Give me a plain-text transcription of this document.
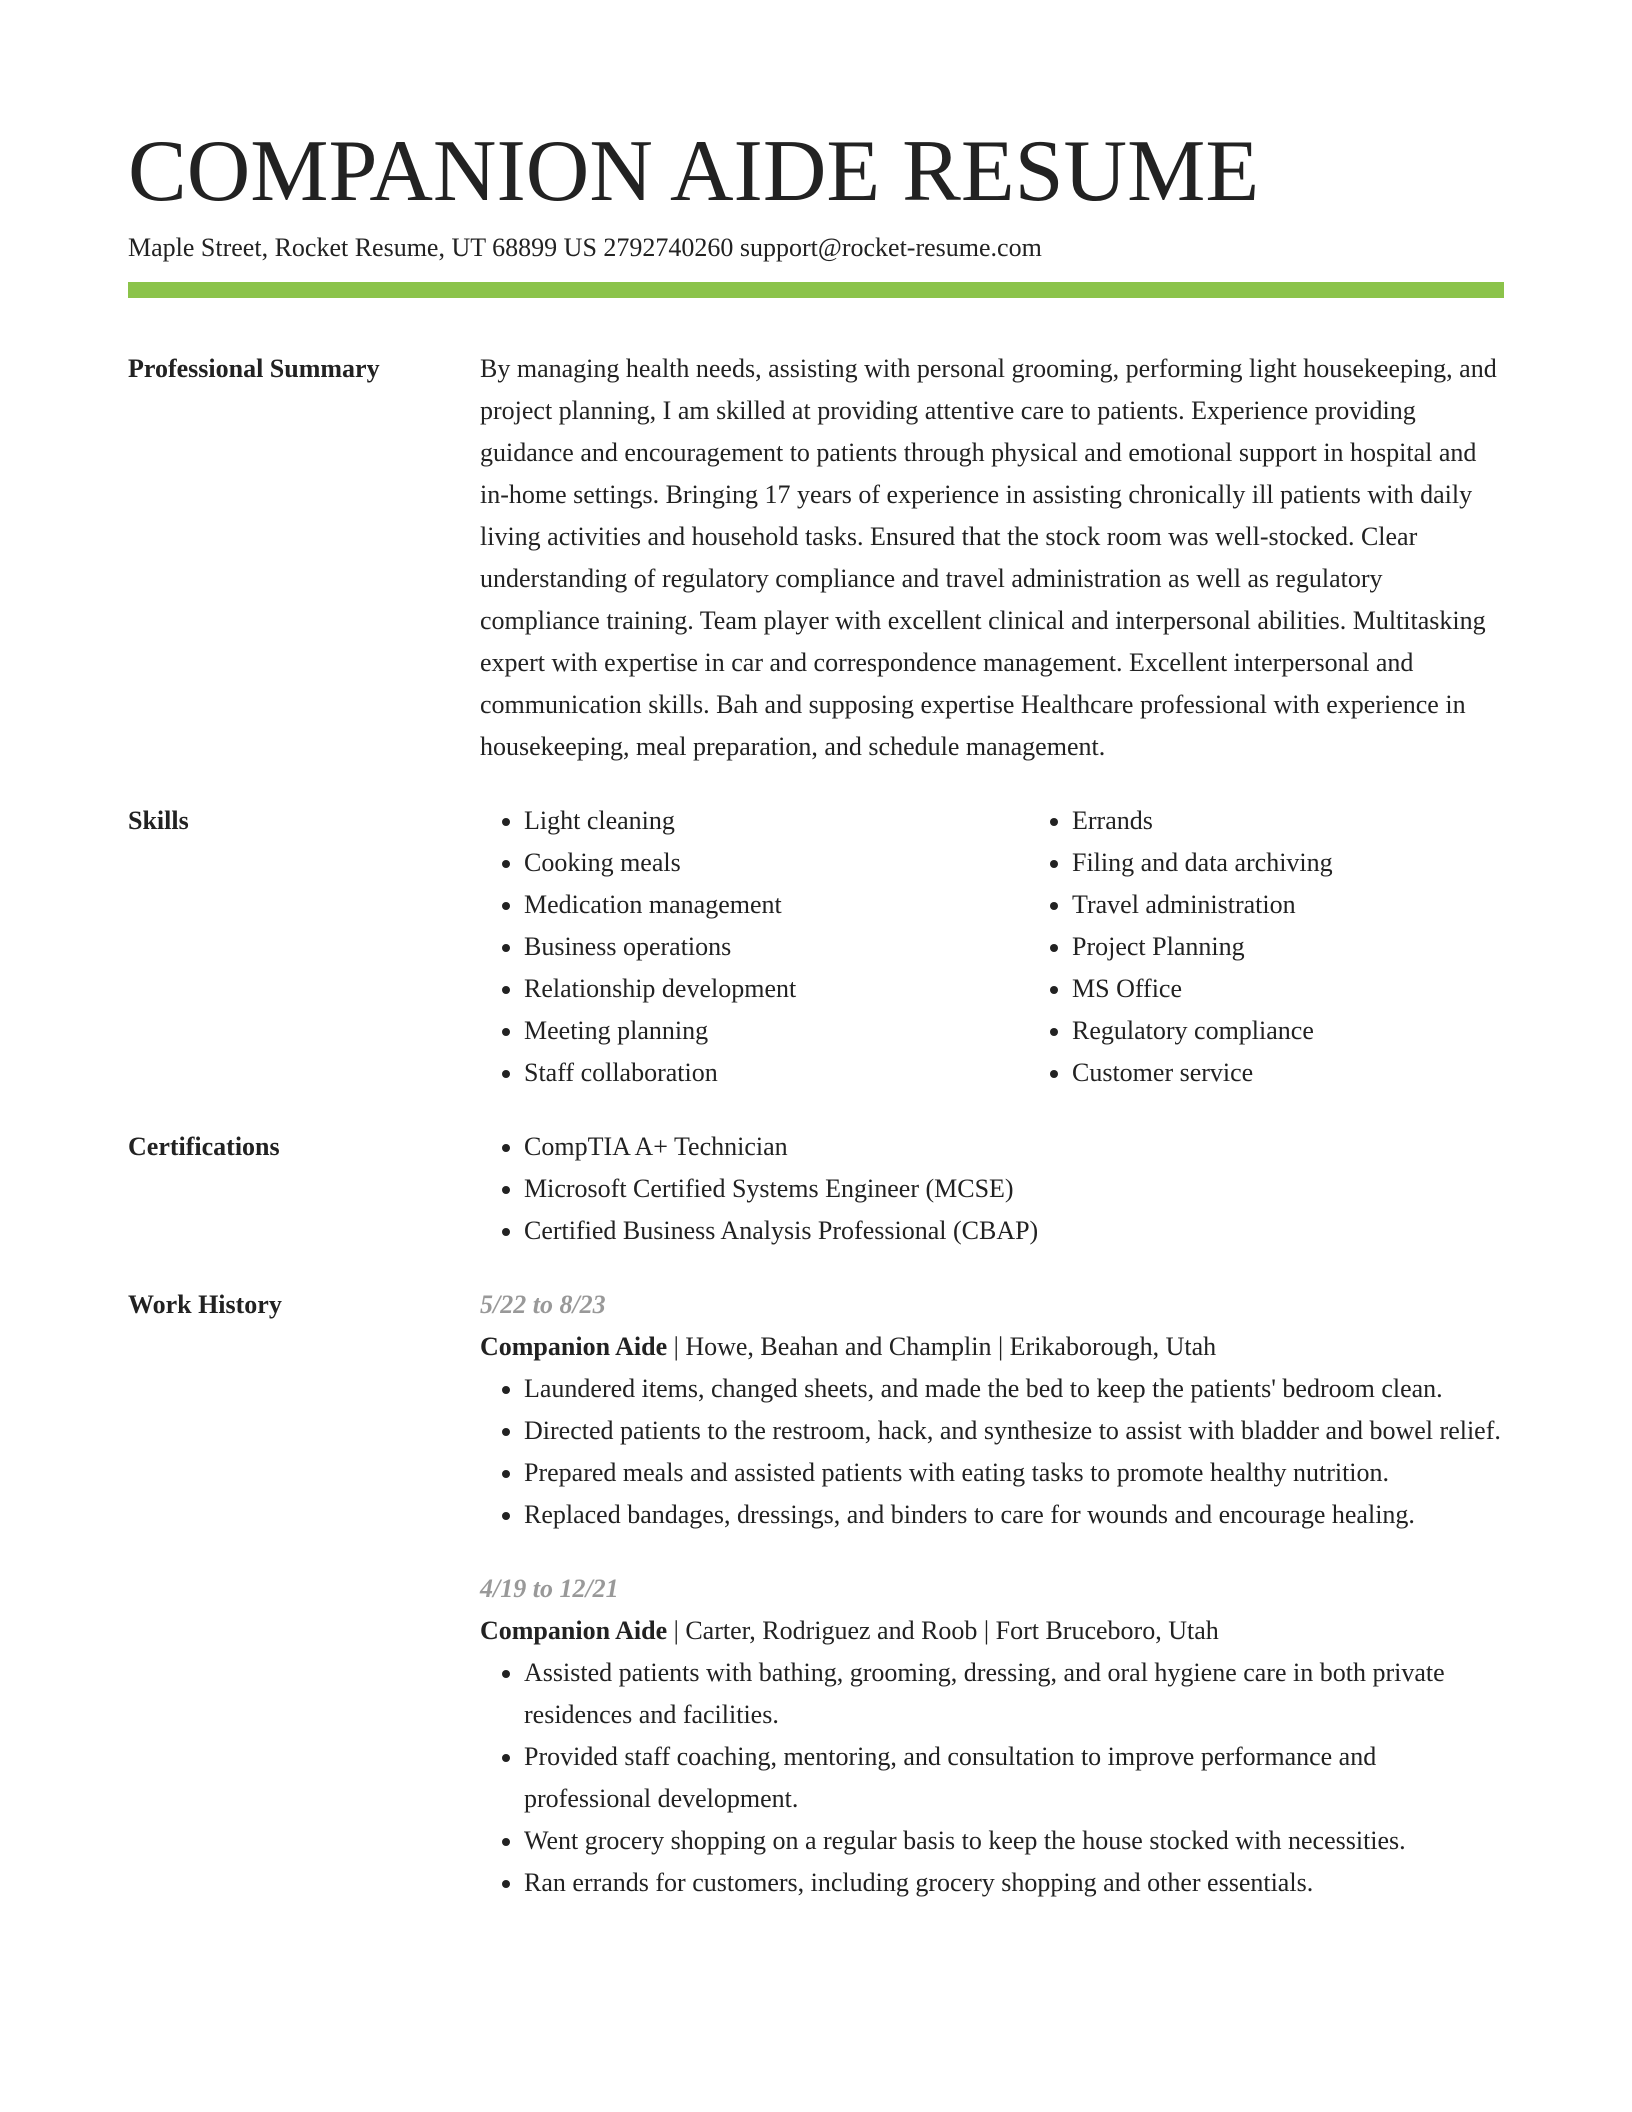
COMPANION AIDE RESUME
Maple Street, Rocket Resume, UT 68899 US 2792740260 support@rocket-resume.com
Professional Summary	By managing health needs, assisting with personal grooming, performing light housekeeping, and project planning, I am skilled at providing attentive care to patients. Experience providing guidance and encouragement to patients through physical and emotional support in hospital and in-home settings. Bringing 17 years of experience in assisting chronically ill patients with daily living activities and household tasks. Ensured that the stock room was well-stocked. Clear understanding of regulatory compliance and travel administration as well as regulatory compliance training. Team player with excellent clinical and interpersonal abilities. Multitasking expert with expertise in car and correspondence management. Excellent interpersonal and communication skills. Bah and supposing expertise Healthcare professional with experience in housekeeping, meal preparation, and schedule management.
Skills	• Light cleaning
• Cooking meals
• Medication management
• Business operations
• Relationship development
• Meeting planning
• Staff collaboration
• Errands
• Filing and data archiving
• Travel administration
• Project Planning
• MS Office
• Regulatory compliance
• Customer service
Certifications	• CompTIA A+ Technician
• Microsoft Certified Systems Engineer (MCSE)
• Certified Business Analysis Professional (CBAP)
Work History	5/22 to 8/23
Companion Aide | Howe, Beahan and Champlin | Erikaborough, Utah
• Laundered items, changed sheets, and made the bed to keep the patients' bedroom clean.
• Directed patients to the restroom, hack, and synthesize to assist with bladder and bowel relief.
• Prepared meals and assisted patients with eating tasks to promote healthy nutrition.
• Replaced bandages, dressings, and binders to care for wounds and encourage healing.
4/19 to 12/21
Companion Aide | Carter, Rodriguez and Roob | Fort Bruceboro, Utah
• Assisted patients with bathing, grooming, dressing, and oral hygiene care in both private residences and facilities.
• Provided staff coaching, mentoring, and consultation to improve performance and professional development.
• Went grocery shopping on a regular basis to keep the house stocked with necessities.
• Ran errands for customers, including grocery shopping and other essentials.
